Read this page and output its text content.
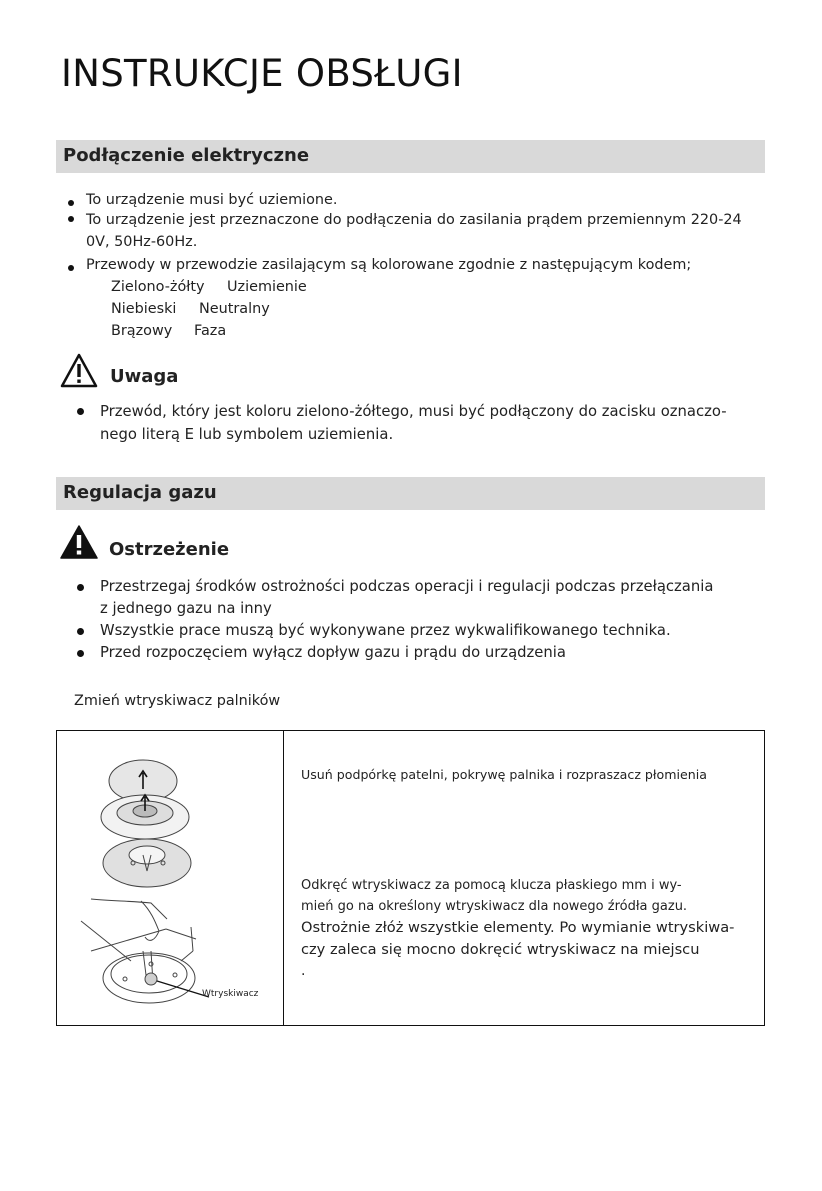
INSTRUKCJE OBSŁUGI
Podłączenie elektryczne
To urządzenie musi być uziemione.
To urządzenie jest przeznaczone do podłączenia do zasilania prądem przemiennym 220-24
0V, 50Hz-60Hz.
Przewody w przewodzie zasilającym są kolorowane zgodnie z następującym kodem;
Zielono-żółty Uziemienie
Niebieski Neutralny
Brązowy Faza
Uwaga
Przewód, który jest koloru zielono-żółtego, musi być podłączony do zacisku oznaczo-
nego literą E lub symbolem uziemienia.
Regulacja gazu
Ostrzeżenie
Przestrzegaj środków ostrożności podczas operacji i regulacji podczas przełączania
z jednego gazu na inny
Wszystkie prace muszą być wykonywane przez wykwalifikowanego technika.
Przed rozpoczęciem wyłącz dopływ gazu i prądu do urządzenia
Zmień wtryskiwacz palników
Wtryskiwacz
Usuń podpórkę patelni, pokrywę palnika i rozpraszacz płomienia
Odkręć wtryskiwacz za pomocą klucza płaskiego mm i wy-
mień go na określony wtryskiwacz dla nowego źródła gazu.
Ostrożnie złóż wszystkie elementy. Po wymianie wtryskiwa-
czy zaleca się mocno dokręcić wtryskiwacz na miejscu
.
